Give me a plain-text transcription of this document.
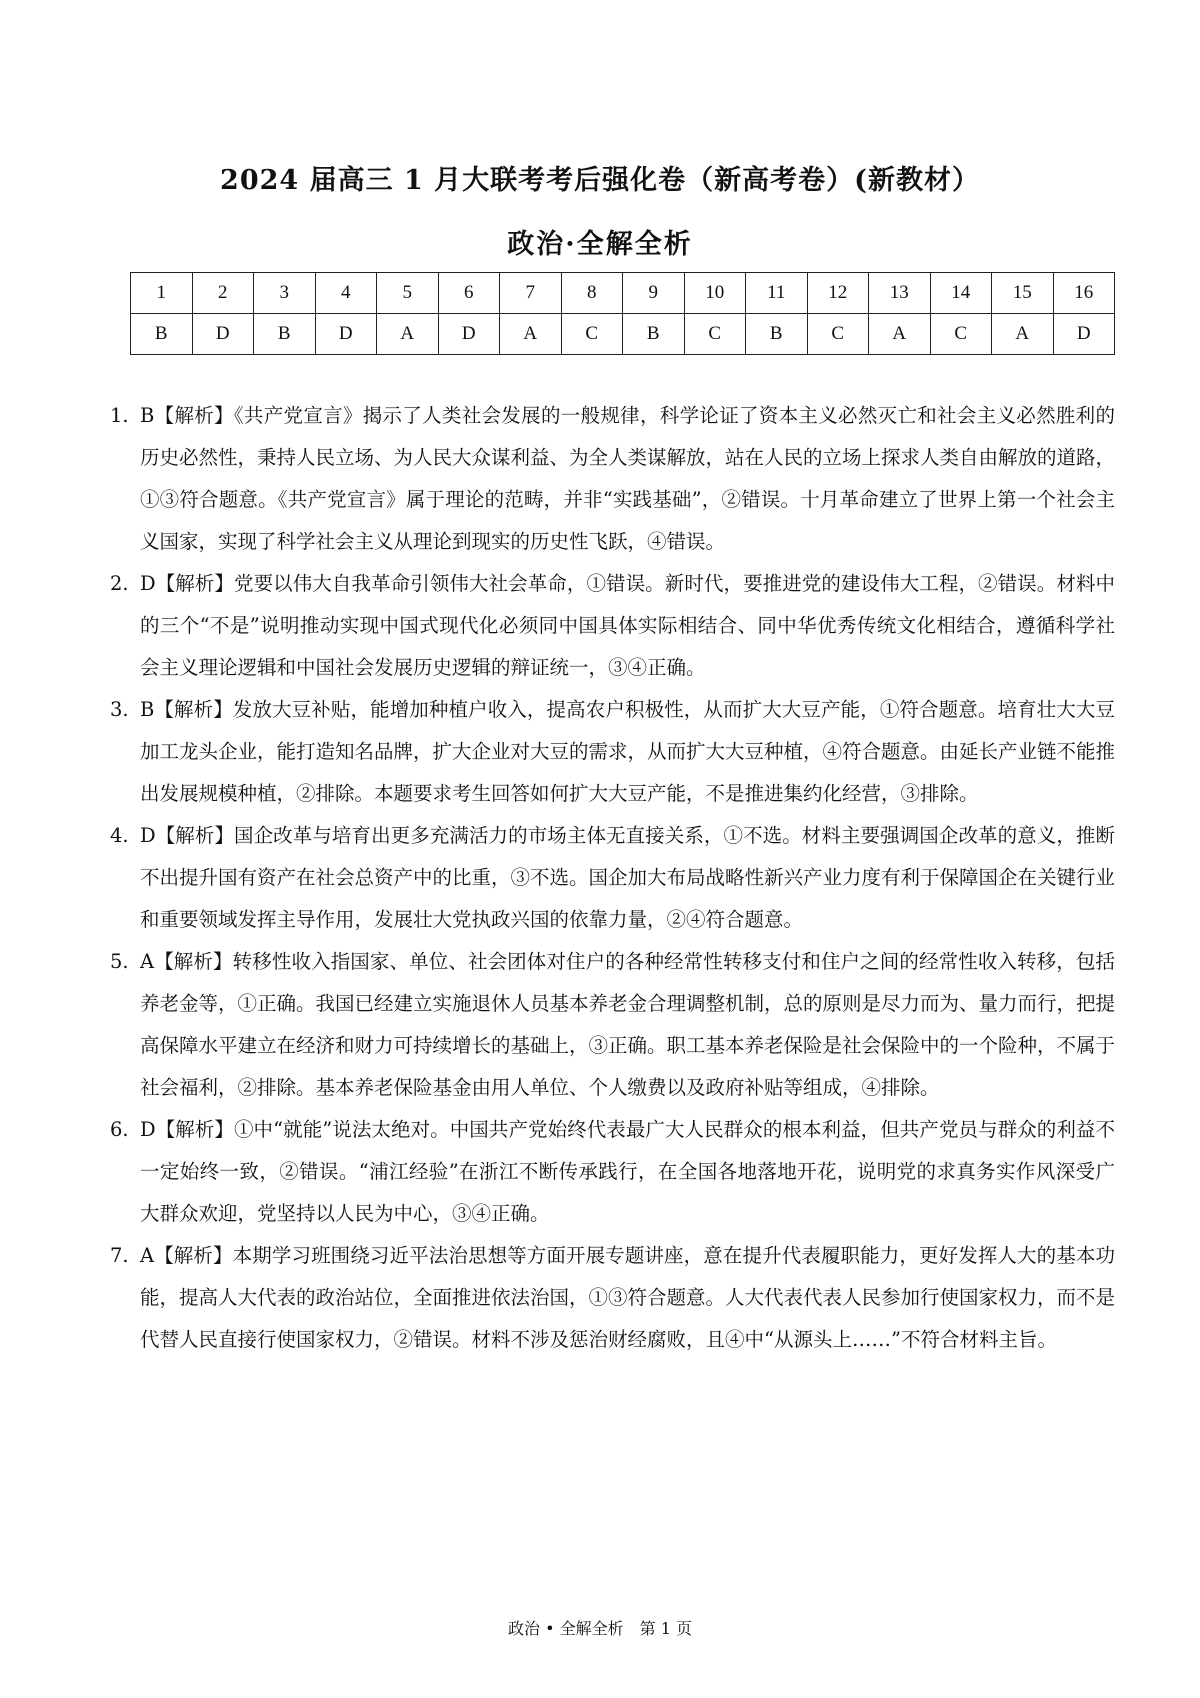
2024 届高三 1 月大联考考后强化卷（新高考卷）(新教材）
政治·全解全析
1	2	3	4	5	6	7	8	9	10	11	12	13	14	15	16
B	D	B	D	A	D	A	C	B	C	B	C	A	C	A	D
1. B【解析】《共产党宣言》揭示了人类社会发展的一般规律，科学论证了资本主义必然灭亡和社会主义必然胜利的历史必然性，秉持人民立场、为人民大众谋利益、为全人类谋解放，站在人民的立场上探求人类自由解放的道路，①③符合题意。《共产党宣言》属于理论的范畴，并非“实践基础”，②错误。十月革命建立了世界上第一个社会主义国家，实现了科学社会主义从理论到现实的历史性飞跃，④错误。

2. D【解析】党要以伟大自我革命引领伟大社会革命，①错误。新时代，要推进党的建设伟大工程，②错误。材料中的三个“不是”说明推动实现中国式现代化必须同中国具体实际相结合、同中华优秀传统文化相结合，遵循科学社会主义理论逻辑和中国社会发展历史逻辑的辩证统一，③④正确。

3. B【解析】发放大豆补贴，能增加种植户收入，提高农户积极性，从而扩大大豆产能，①符合题意。培育壮大大豆加工龙头企业，能打造知名品牌，扩大企业对大豆的需求，从而扩大大豆种植，④符合题意。由延长产业链不能推出发展规模种植，②排除。本题要求考生回答如何扩大大豆产能，不是推进集约化经营，③排除。

4. D【解析】国企改革与培育出更多充满活力的市场主体无直接关系，①不选。材料主要强调国企改革的意义，推断不出提升国有资产在社会总资产中的比重，③不选。国企加大布局战略性新兴产业力度有利于保障国企在关键行业和重要领域发挥主导作用，发展壮大党执政兴国的依靠力量，②④符合题意。

5. A【解析】转移性收入指国家、单位、社会团体对住户的各种经常性转移支付和住户之间的经常性收入转移，包括养老金等，①正确。我国已经建立实施退休人员基本养老金合理调整机制，总的原则是尽力而为、量力而行，把提高保障水平建立在经济和财力可持续增长的基础上，③正确。职工基本养老保险是社会保险中的一个险种，不属于社会福利，②排除。基本养老保险基金由用人单位、个人缴费以及政府补贴等组成，④排除。

6. D【解析】①中“就能”说法太绝对。中国共产党始终代表最广大人民群众的根本利益，但共产党员与群众的利益不一定始终一致，②错误。“浦江经验”在浙江不断传承践行，在全国各地落地开花，说明党的求真务实作风深受广大群众欢迎，党坚持以人民为中心，③④正确。

7. A【解析】本期学习班围绕习近平法治思想等方面开展专题讲座，意在提升代表履职能力，更好发挥人大的基本功能，提高人大代表的政治站位，全面推进依法治国，①③符合题意。人大代表代表人民参加行使国家权力，而不是代替人民直接行使国家权力，②错误。材料不涉及惩治财经腐败，且④中“从源头上……”不符合材料主旨。

政治 • 全解全析　第 1 页
